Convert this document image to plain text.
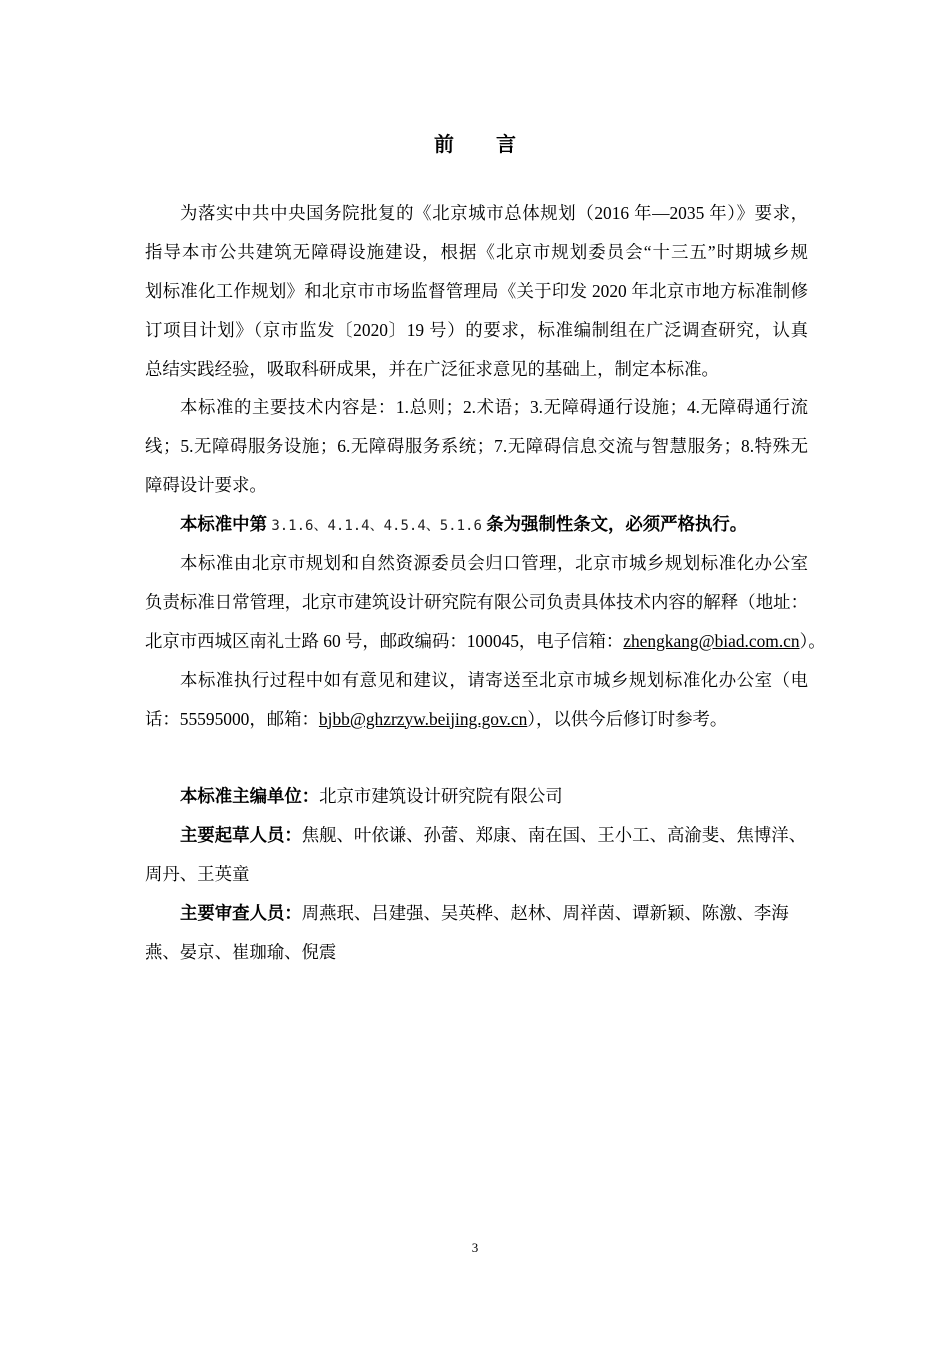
前言
为落实中共中央国务院批复的《北京城市总体规划（2016 年—2035 年）》要求，
指导本市公共建筑无障碍设施建设，根据《北京市规划委员会“十三五”时期城乡规
划标准化工作规划》和北京市市场监督管理局《关于印发 2020 年北京市地方标准制修
订项目计划》（京市监发〔2020〕19 号）的要求，标准编制组在广泛调查研究，认真
总结实践经验，吸取科研成果，并在广泛征求意见的基础上，制定本标准。
本标准的主要技术内容是：1.总则；2.术语；3.无障碍通行设施；4.无障碍通行流
线；5.无障碍服务设施；6.无障碍服务系统；7.无障碍信息交流与智慧服务；8.特殊无
障碍设计要求。
本标准中第 3.1.6、4.1.4、4.5.4、5.1.6 条为强制性条文，必须严格执行。
本标准由北京市规划和自然资源委员会归口管理，北京市城乡规划标准化办公室
负责标准日常管理，北京市建筑设计研究院有限公司负责具体技术内容的解释（地址：
北京市西城区南礼士路 60 号，邮政编码：100045，电子信箱：zhengkang@biad.com.cn）。
本标准执行过程中如有意见和建议，请寄送至北京市城乡规划标准化办公室（电
话：55595000，邮箱：bjbb@ghzrzyw.beijing.gov.cn），以供今后修订时参考。
本标准主编单位：北京市建筑设计研究院有限公司
主要起草人员：焦舰、叶依谦、孙蕾、郑康、南在国、王小工、高渝斐、焦博洋、
周丹、王英童
主要审查人员：周燕珉、吕建强、吴英桦、赵林、周祥茵、谭新颖、陈激、李海
燕、晏京、崔珈瑜、倪震
3
